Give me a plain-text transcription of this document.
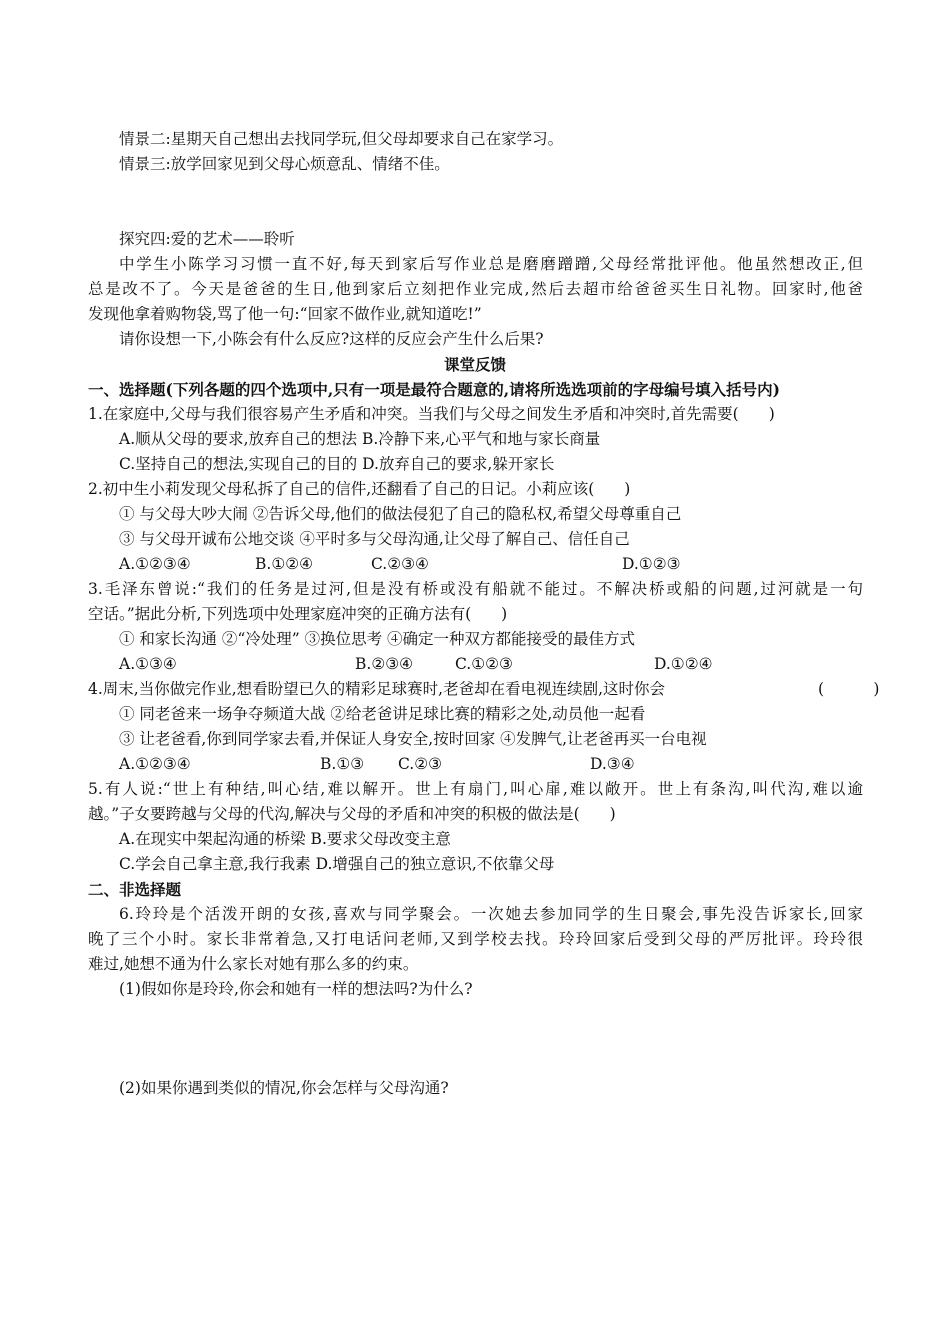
情景二:星期天自己想出去找同学玩,但父母却要求自己在家学习。
情景三:放学回家见到父母心烦意乱、情绪不佳。
探究四:爱的艺术——聆听
中学生小陈学习习惯一直不好,每天到家后写作业总是磨磨蹭蹭,父母经常批评他。他虽然想改正,但
总是改不了。今天是爸爸的生日,他到家后立刻把作业完成,然后去超市给爸爸买生日礼物。回家时,他爸
发现他拿着购物袋,骂了他一句:“回家不做作业,就知道吃!”
请你设想一下,小陈会有什么反应?这样的反应会产生什么后果?
课堂反馈
一、选择题(下列各题的四个选项中,只有一项是最符合题意的,请将所选选项前的字母编号填入括号内)
1.在家庭中,父母与我们很容易产生矛盾和冲突。当我们与父母之间发生矛盾和冲突时,首先需要( )
A.顺从父母的要求,放弃自己的想法 B.冷静下来,心平气和地与家长商量
C.坚持自己的想法,实现自己的目的 D.放弃自己的要求,躲开家长
2.初中生小莉发现父母私拆了自己的信件,还翻看了自己的日记。小莉应该( )
① 与父母大吵大闹 ②告诉父母,他们的做法侵犯了自己的隐私权,希望父母尊重自己
③ 与父母开诚布公地交谈 ④平时多与父母沟通,让父母了解自己、信任自己
A.①②③④	B.①②④	C.②③④	D.①②③
3.毛泽东曾说:“我们的任务是过河,但是没有桥或没有船就不能过。不解决桥或船的问题,过河就是一句
空话。”据此分析,下列选项中处理家庭冲突的正确方法有( )
① 和家长沟通 ②“冷处理” ③换位思考 ④确定一种双方都能接受的最佳方式
A.①③④	B.②③④	C.①②③	D.①②④
4.周末,当你做完作业,想看盼望已久的精彩足球赛时,老爸却在看电视连续剧,这时你会	(          )
① 同老爸来一场争夺频道大战 ②给老爸讲足球比赛的精彩之处,动员他一起看
③ 让老爸看,你到同学家去看,并保证人身安全,按时回家 ④发脾气,让老爸再买一台电视
A.①②③④	B.①③ C.②③	D.③④
5.有人说:“世上有种结,叫心结,难以解开。世上有扇门,叫心扉,难以敞开。世上有条沟,叫代沟,难以逾
越。”子女要跨越与父母的代沟,解决与父母的矛盾和冲突的积极的做法是( )
A.在现实中架起沟通的桥梁 B.要求父母改变主意
C.学会自己拿主意,我行我素 D.增强自己的独立意识,不依靠父母
二、非选择题
6.玲玲是个活泼开朗的女孩,喜欢与同学聚会。一次她去参加同学的生日聚会,事先没告诉家长,回家
晚了三个小时。家长非常着急,又打电话问老师,又到学校去找。玲玲回家后受到父母的严厉批评。玲玲很
难过,她想不通为什么家长对她有那么多的约束。
(1)假如你是玲玲,你会和她有一样的想法吗?为什么?
(2)如果你遇到类似的情况,你会怎样与父母沟通?
